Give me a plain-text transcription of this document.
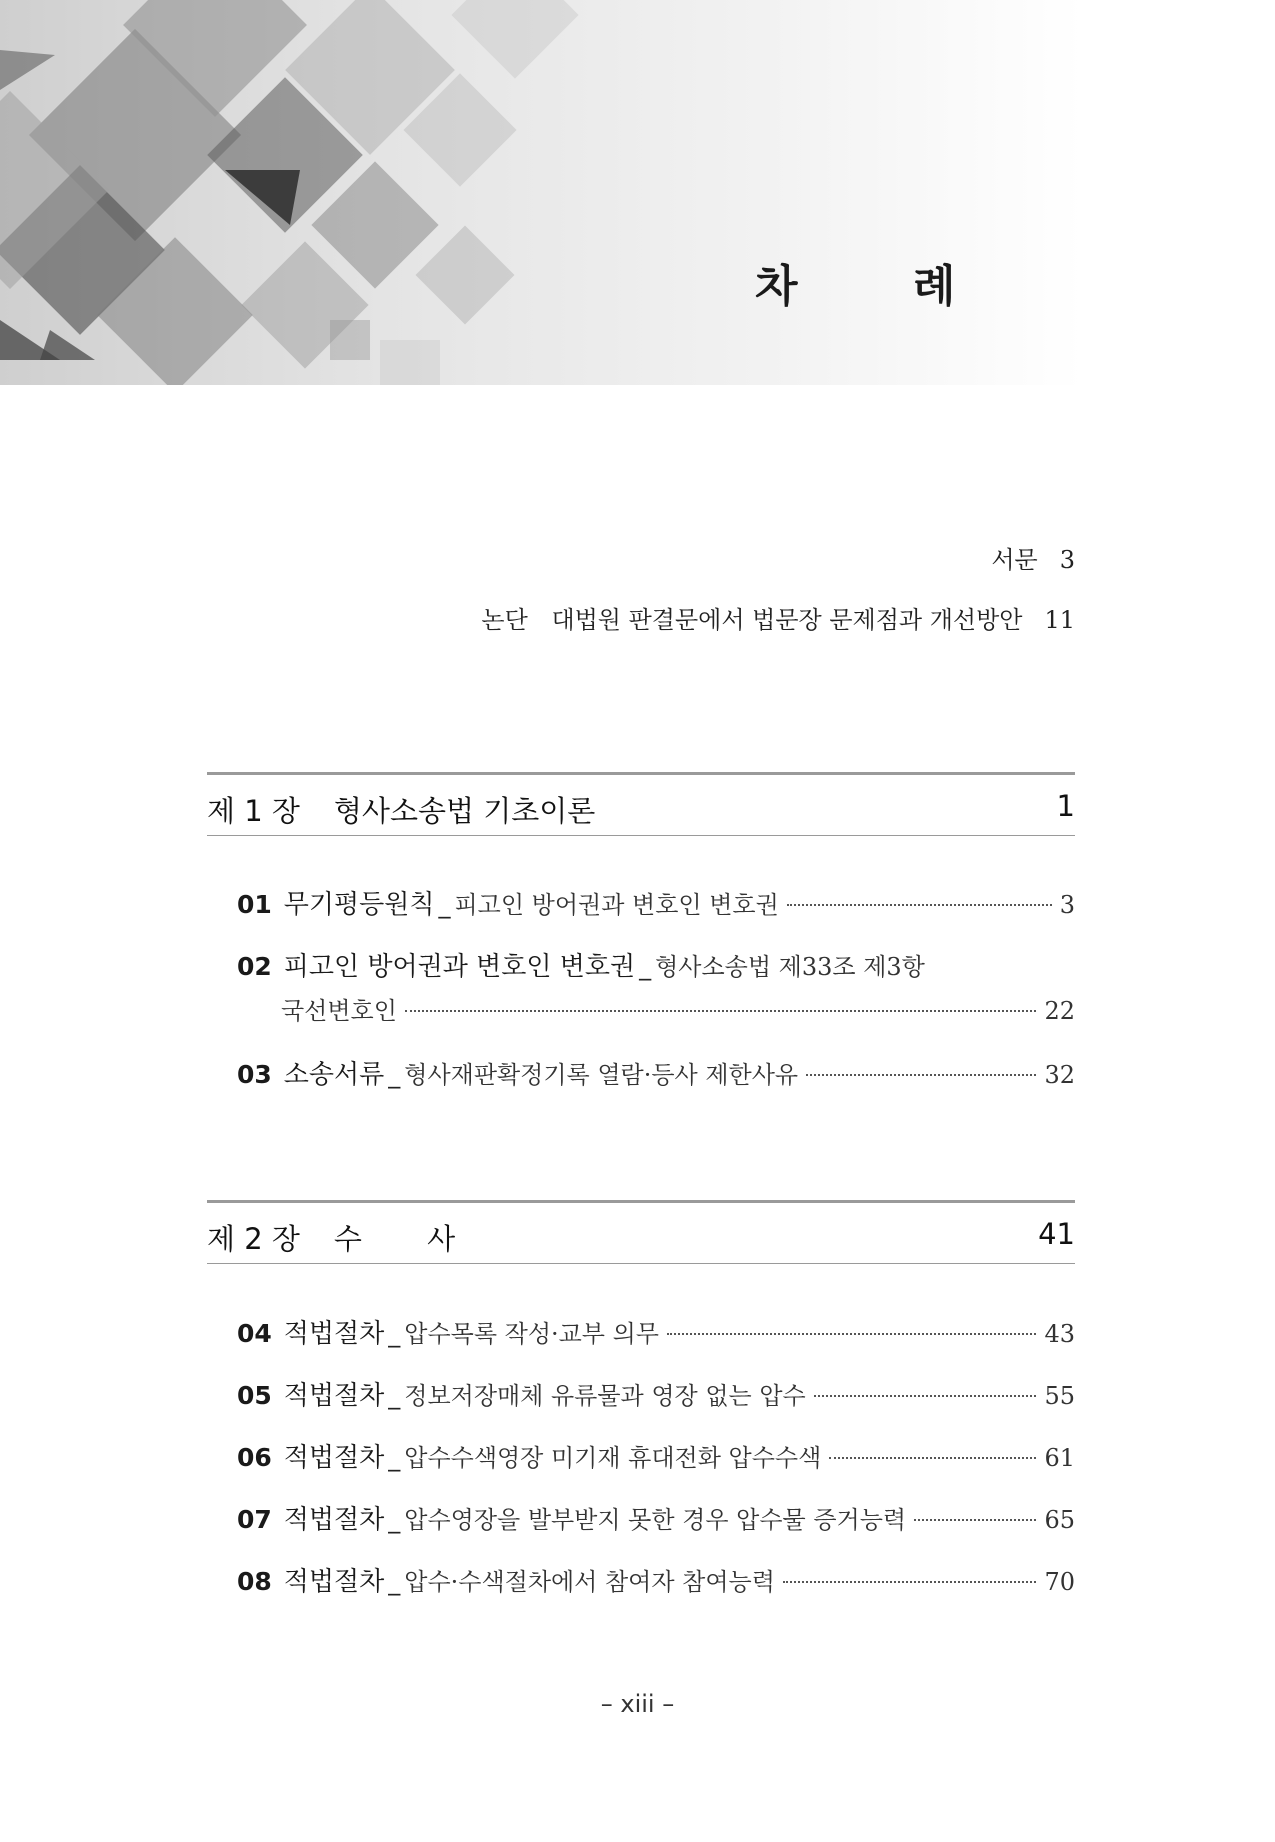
차 례
서문 3
논단 대법원 판결문에서 법문장 문제점과 개선방안 11
제 1 장 형사소송법 기초이론	1
01 무기평등원칙 _ 피고인 방어권과 변호인 변호권	3
02 피고인 방어권과 변호인 변호권 _ 형사소송법 제33조 제3항
국선변호인	22
03 소송서류 _ 형사재판확정기록 열람·등사 제한사유	32
제 2 장 수 사	41
04 적법절차 _ 압수목록 작성·교부 의무	43
05 적법절차 _ 정보저장매체 유류물과 영장 없는 압수	55
06 적법절차 _ 압수수색영장 미기재 휴대전화 압수수색	61
07 적법절차 _ 압수영장을 발부받지 못한 경우 압수물 증거능력	65
08 적법절차 _ 압수·수색절차에서 참여자 참여능력	70
– xiii –
